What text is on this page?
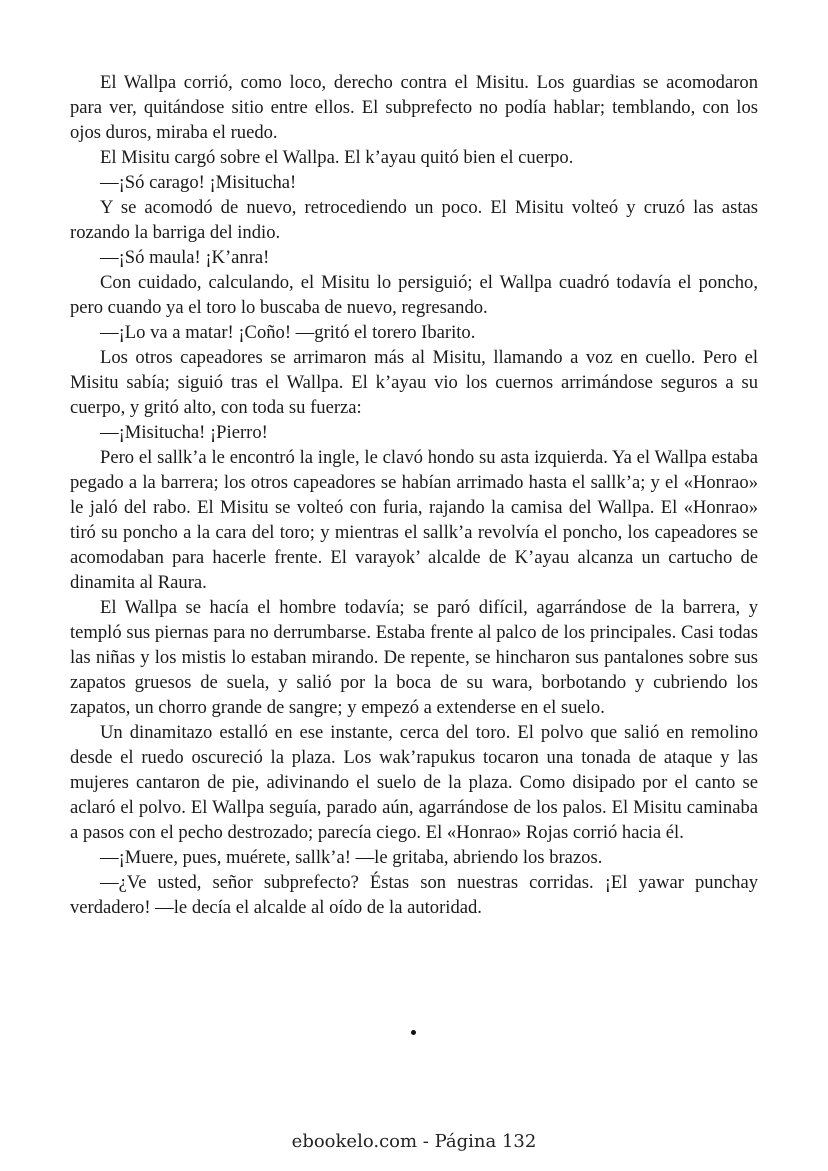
El Wallpa corrió, como loco, derecho contra el Misitu. Los guardias se acomodaron para ver, quitándose sitio entre ellos. El subprefecto no podía hablar; temblando, con los ojos duros, miraba el ruedo.

El Misitu cargó sobre el Wallpa. El k’ayau quitó bien el cuerpo.

—¡Só carago! ¡Misitucha!

Y se acomodó de nuevo, retrocediendo un poco. El Misitu volteó y cruzó las astas rozando la barriga del indio.

—¡Só maula! ¡K’anra!

Con cuidado, calculando, el Misitu lo persiguió; el Wallpa cuadró todavía el poncho, pero cuando ya el toro lo buscaba de nuevo, regresando.

—¡Lo va a matar! ¡Coño! —gritó el torero Ibarito.

Los otros capeadores se arrimaron más al Misitu, llamando a voz en cuello. Pero el Misitu sabía; siguió tras el Wallpa. El k’ayau vio los cuernos arrimándose seguros a su cuerpo, y gritó alto, con toda su fuerza:

—¡Misitucha! ¡Pierro!

Pero el sallk’a le encontró la ingle, le clavó hondo su asta izquierda. Ya el Wallpa estaba pegado a la barrera; los otros capeadores se habían arrimado hasta el sallk’a; y el «Honrao» le jaló del rabo. El Misitu se volteó con furia, rajando la camisa del Wallpa. El «Honrao» tiró su poncho a la cara del toro; y mientras el sallk’a revolvía el poncho, los capeadores se acomodaban para hacerle frente. El varayok’ alcalde de K’ayau alcanza un cartucho de dinamita al Raura.

El Wallpa se hacía el hombre todavía; se paró difícil, agarrándose de la barrera, y templó sus piernas para no derrumbarse. Estaba frente al palco de los principales. Casi todas las niñas y los mistis lo estaban mirando. De repente, se hincharon sus pantalones sobre sus zapatos gruesos de suela, y salió por la boca de su wara, borbotando y cubriendo los zapatos, un chorro grande de sangre; y empezó a extenderse en el suelo.

Un dinamitazo estalló en ese instante, cerca del toro. El polvo que salió en remolino desde el ruedo oscureció la plaza. Los wak’rapukus tocaron una tonada de ataque y las mujeres cantaron de pie, adivinando el suelo de la plaza. Como disipado por el canto se aclaró el polvo. El Wallpa seguía, parado aún, agarrándose de los palos. El Misitu caminaba a pasos con el pecho destrozado; parecía ciego. El «Honrao» Rojas corrió hacia él.

—¡Muere, pues, muérete, sallk’a! —le gritaba, abriendo los brazos.

—¿Ve usted, señor subprefecto? Éstas son nuestras corridas. ¡El yawar punchay verdadero! —le decía el alcalde al oído de la autoridad.

ebookelo.com - Página 132
